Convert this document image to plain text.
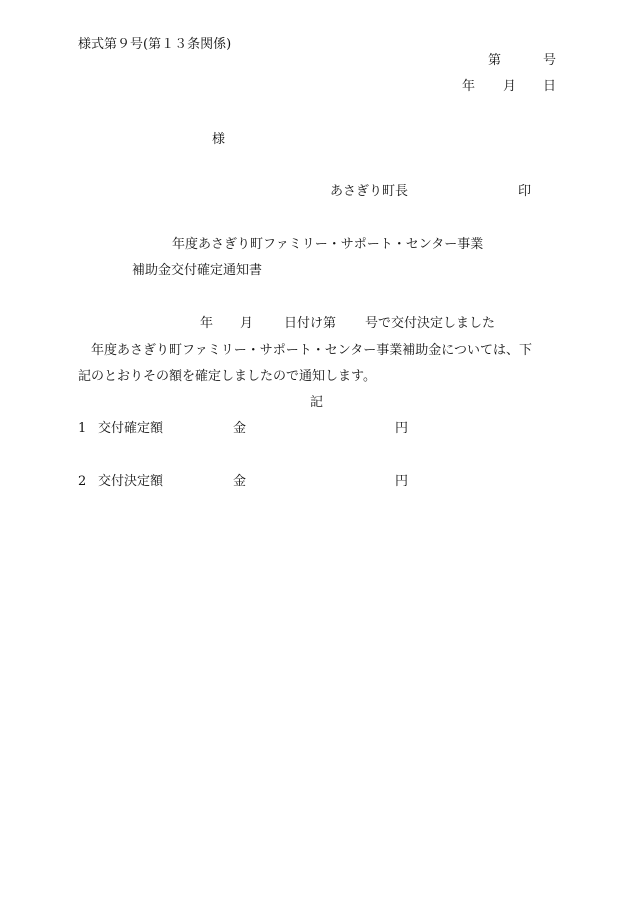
様式第９号(第１３条関係)
第	号
年 月 日
様
あさぎり町長	印
年度あさぎり町ファミリー・サポート・センター事業
補助金交付確定通知書
年 月 日付け第 号で交付決定しました
年度あさぎり町ファミリー・サポート・センター事業補助金については、下
記のとおりその額を確定しましたので通知します。
記
1 交付確定額	金	円
2 交付決定額	金	円
